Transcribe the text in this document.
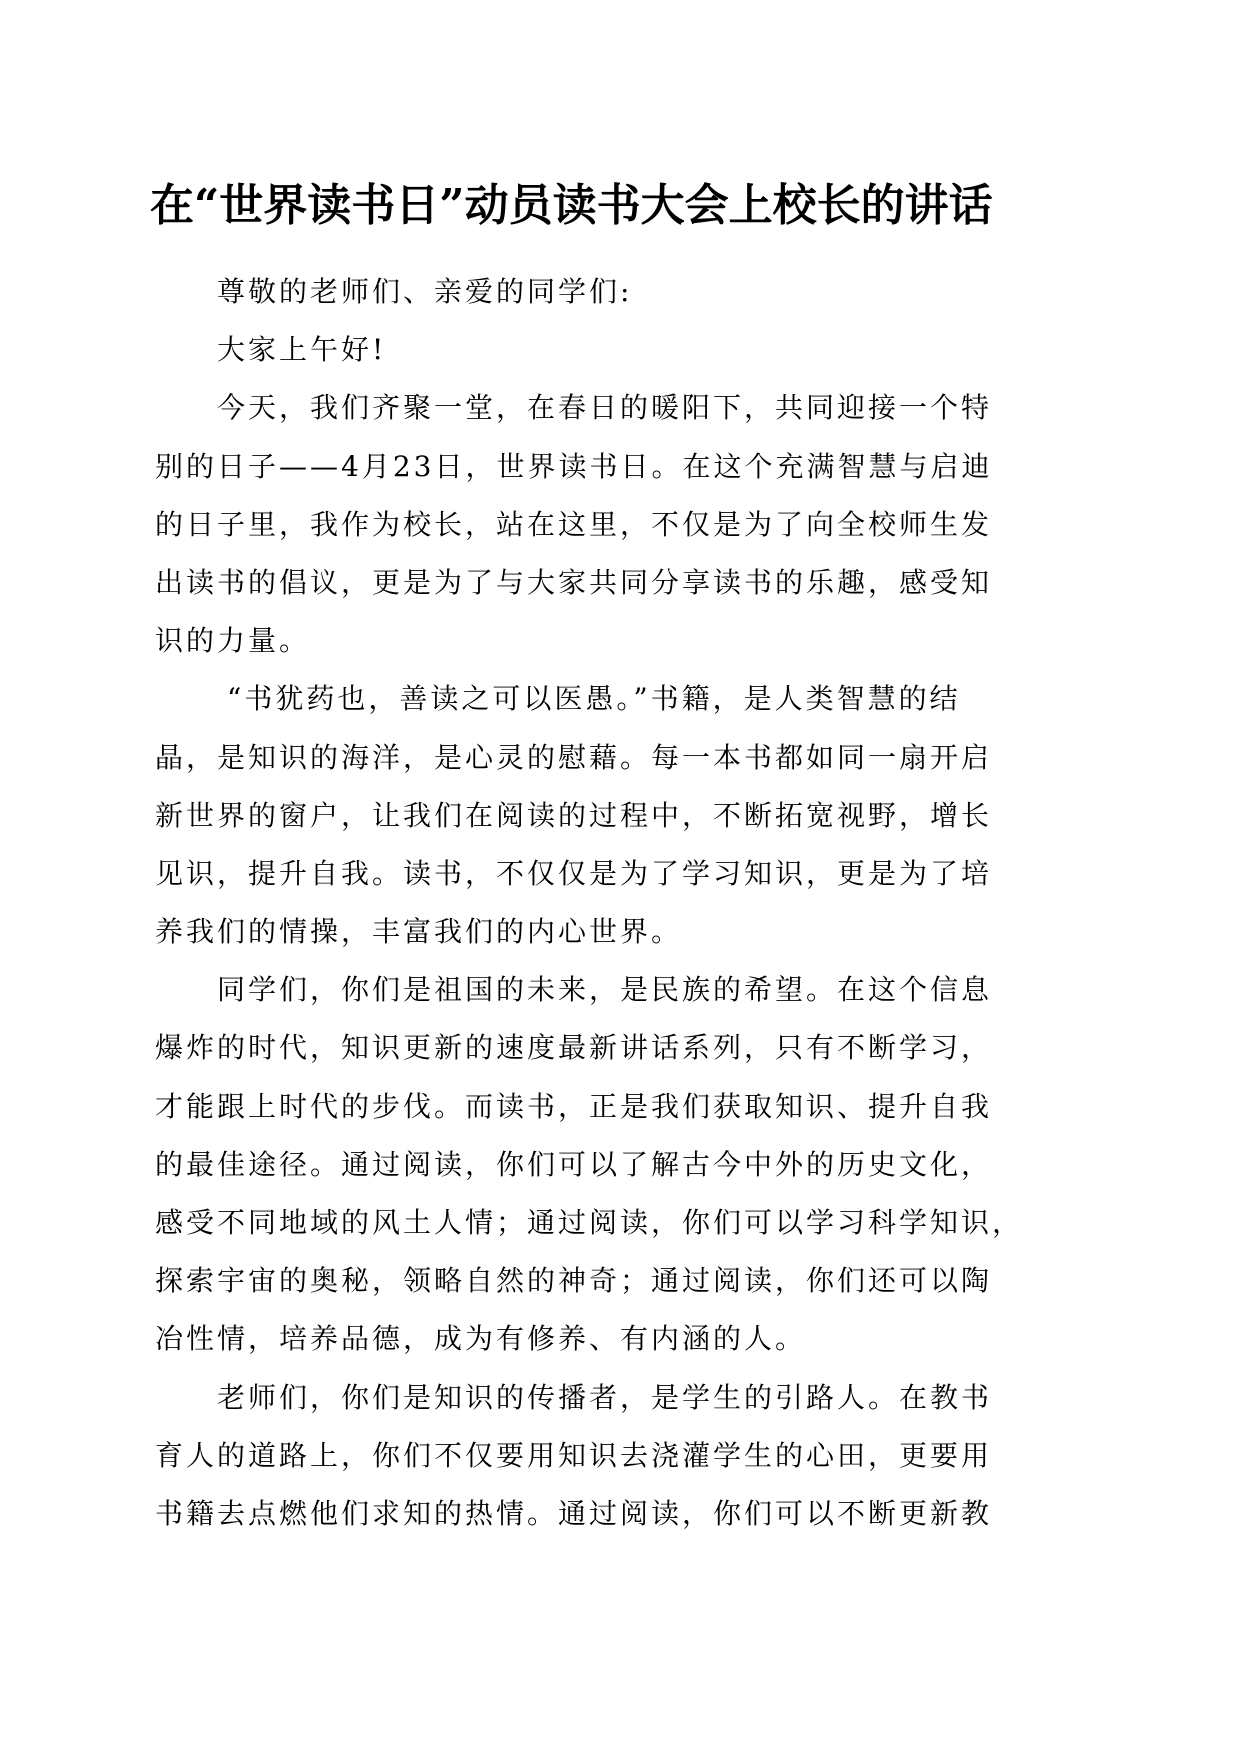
在“世界读书日”动员读书大会上校长的讲话
尊敬的老师们、亲爱的同学们:
大家上午好!
今天，我们齐聚一堂，在春日的暖阳下，共同迎接一个特
别的日子——4月23日，世界读书日。在这个充满智慧与启迪
的日子里，我作为校长，站在这里，不仅是为了向全校师生发
出读书的倡议，更是为了与大家共同分享读书的乐趣，感受知
识的力量。
“书犹药也，善读之可以医愚。”书籍，是人类智慧的结
晶，是知识的海洋，是心灵的慰藉。每一本书都如同一扇开启
新世界的窗户，让我们在阅读的过程中，不断拓宽视野，增长
见识，提升自我。读书，不仅仅是为了学习知识，更是为了培
养我们的情操，丰富我们的内心世界。
同学们，你们是祖国的未来，是民族的希望。在这个信息
爆炸的时代，知识更新的速度最新讲话系列，只有不断学习，
才能跟上时代的步伐。而读书，正是我们获取知识、提升自我
的最佳途径。通过阅读，你们可以了解古今中外的历史文化，
感受不同地域的风土人情；通过阅读，你们可以学习科学知识，
探索宇宙的奥秘，领略自然的神奇；通过阅读，你们还可以陶
冶性情，培养品德，成为有修养、有内涵的人。
老师们，你们是知识的传播者，是学生的引路人。在教书
育人的道路上，你们不仅要用知识去浇灌学生的心田，更要用
书籍去点燃他们求知的热情。通过阅读，你们可以不断更新教
